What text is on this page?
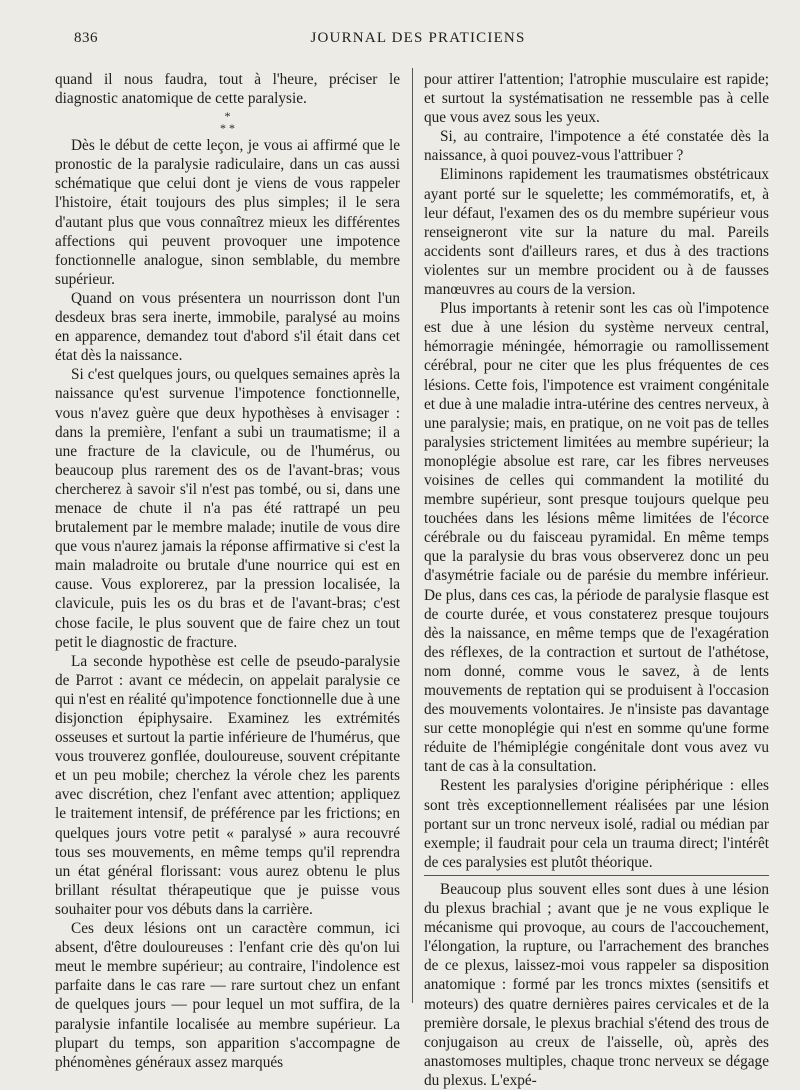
836	JOURNAL DES PRATICIENS

quand il nous faudra, tout à l'heure, préciser le diagnostic anatomique de cette paralysie.

*
* *

Dès le début de cette leçon, je vous ai affirmé que le pronostic de la paralysie radiculaire, dans un cas aussi schématique que celui dont je viens de vous rappeler l'histoire, était toujours des plus simples; il le sera d'autant plus que vous connaîtrez mieux les différentes affections qui peuvent provoquer une impotence fonctionnelle analogue, sinon semblable, du membre supérieur.

Quand on vous présentera un nourrisson dont l'un desdeux bras sera inerte, immobile, paralysé au moins en apparence, demandez tout d'abord s'il était dans cet état dès la naissance.

Si c'est quelques jours, ou quelques semaines après la naissance qu'est survenue l'impotence fonctionnelle, vous n'avez guère que deux hypothèses à envisager : dans la première, l'enfant a subi un traumatisme; il a une fracture de la clavicule, ou de l'humérus, ou beaucoup plus rarement des os de l'avant-bras; vous chercherez à savoir s'il n'est pas tombé, ou si, dans une menace de chute il n'a pas été rattrapé un peu brutalement par le membre malade; inutile de vous dire que vous n'aurez jamais la réponse affirmative si c'est la main maladroite ou brutale d'une nourrice qui est en cause. Vous explorerez, par la pression localisée, la clavicule, puis les os du bras et de l'avant-bras; c'est chose facile, le plus souvent que de faire chez un tout petit le diagnostic de fracture.

La seconde hypothèse est celle de pseudo-paralysie de Parrot : avant ce médecin, on appelait paralysie ce qui n'est en réalité qu'impotence fonctionnelle due à une disjonction épiphysaire. Examinez les extrémités osseuses et surtout la partie inférieure de l'humérus, que vous trouverez gonflée, douloureuse, souvent crépitante et un peu mobile; cherchez la vérole chez les parents avec discrétion, chez l'enfant avec attention; appliquez le traitement intensif, de préférence par les frictions; en quelques jours votre petit « paralysé » aura recouvré tous ses mouvements, en même temps qu'il reprendra un état général florissant: vous aurez obtenu le plus brillant résultat thérapeutique que je puisse vous souhaiter pour vos débuts dans la carrière.

Ces deux lésions ont un caractère commun, ici absent, d'être douloureuses : l'enfant crie dès qu'on lui meut le membre supérieur; au contraire, l'indolence est parfaite dans le cas rare — rare surtout chez un enfant de quelques jours — pour lequel un mot suffira, de la paralysie infantile localisée au membre supérieur. La plupart du temps, son apparition s'accompagne de phénomènes généraux assez marqués

pour attirer l'attention; l'atrophie musculaire est rapide; et surtout la systématisation ne ressemble pas à celle que vous avez sous les yeux.

Si, au contraire, l'impotence a été constatée dès la naissance, à quoi pouvez-vous l'attribuer ?

Eliminons rapidement les traumatismes obstétricaux ayant porté sur le squelette; les commémoratifs, et, à leur défaut, l'examen des os du membre supérieur vous renseigneront vite sur la nature du mal. Pareils accidents sont d'ailleurs rares, et dus à des tractions violentes sur un membre procident ou à de fausses manœuvres au cours de la version.

Plus importants à retenir sont les cas où l'impotence est due à une lésion du système nerveux central, hémorragie méningée, hémorragie ou ramollissement cérébral, pour ne citer que les plus fréquentes de ces lésions. Cette fois, l'impotence est vraiment congénitale et due à une maladie intra-utérine des centres nerveux, à une paralysie; mais, en pratique, on ne voit pas de telles paralysies strictement limitées au membre supérieur; la monoplégie absolue est rare, car les fibres nerveuses voisines de celles qui commandent la motilité du membre supérieur, sont presque toujours quelque peu touchées dans les lésions même limitées de l'écorce cérébrale ou du faisceau pyramidal. En même temps que la paralysie du bras vous observerez donc un peu d'asymétrie faciale ou de parésie du membre inférieur. De plus, dans ces cas, la période de paralysie flasque est de courte durée, et vous constaterez presque toujours dès la naissance, en même temps que de l'exagération des réflexes, de la contraction et surtout de l'athétose, nom donné, comme vous le savez, à de lents mouvements de reptation qui se produisent à l'occasion des mouvements volontaires. Je n'insiste pas davantage sur cette monoplégie qui n'est en somme qu'une forme réduite de l'hémiplégie congénitale dont vous avez vu tant de cas à la consultation.

Restent les paralysies d'origine périphérique : elles sont très exceptionnellement réalisées par une lésion portant sur un tronc nerveux isolé, radial ou médian par exemple; il faudrait pour cela un trauma direct; l'intérêt de ces paralysies est plutôt théorique.

Beaucoup plus souvent elles sont dues à une lésion du plexus brachial ; avant que je ne vous explique le mécanisme qui provoque, au cours de l'accouchement, l'élongation, la rupture, ou l'arrachement des branches de ce plexus, laissez-moi vous rappeler sa disposition anatomique : formé par les troncs mixtes (sensitifs et moteurs) des quatre dernières paires cervicales et de la première dorsale, le plexus brachial s'étend des trous de conjugaison au creux de l'aisselle, où, après des anastomoses multiples, chaque tronc nerveux se dégage du plexus. L'expé-
